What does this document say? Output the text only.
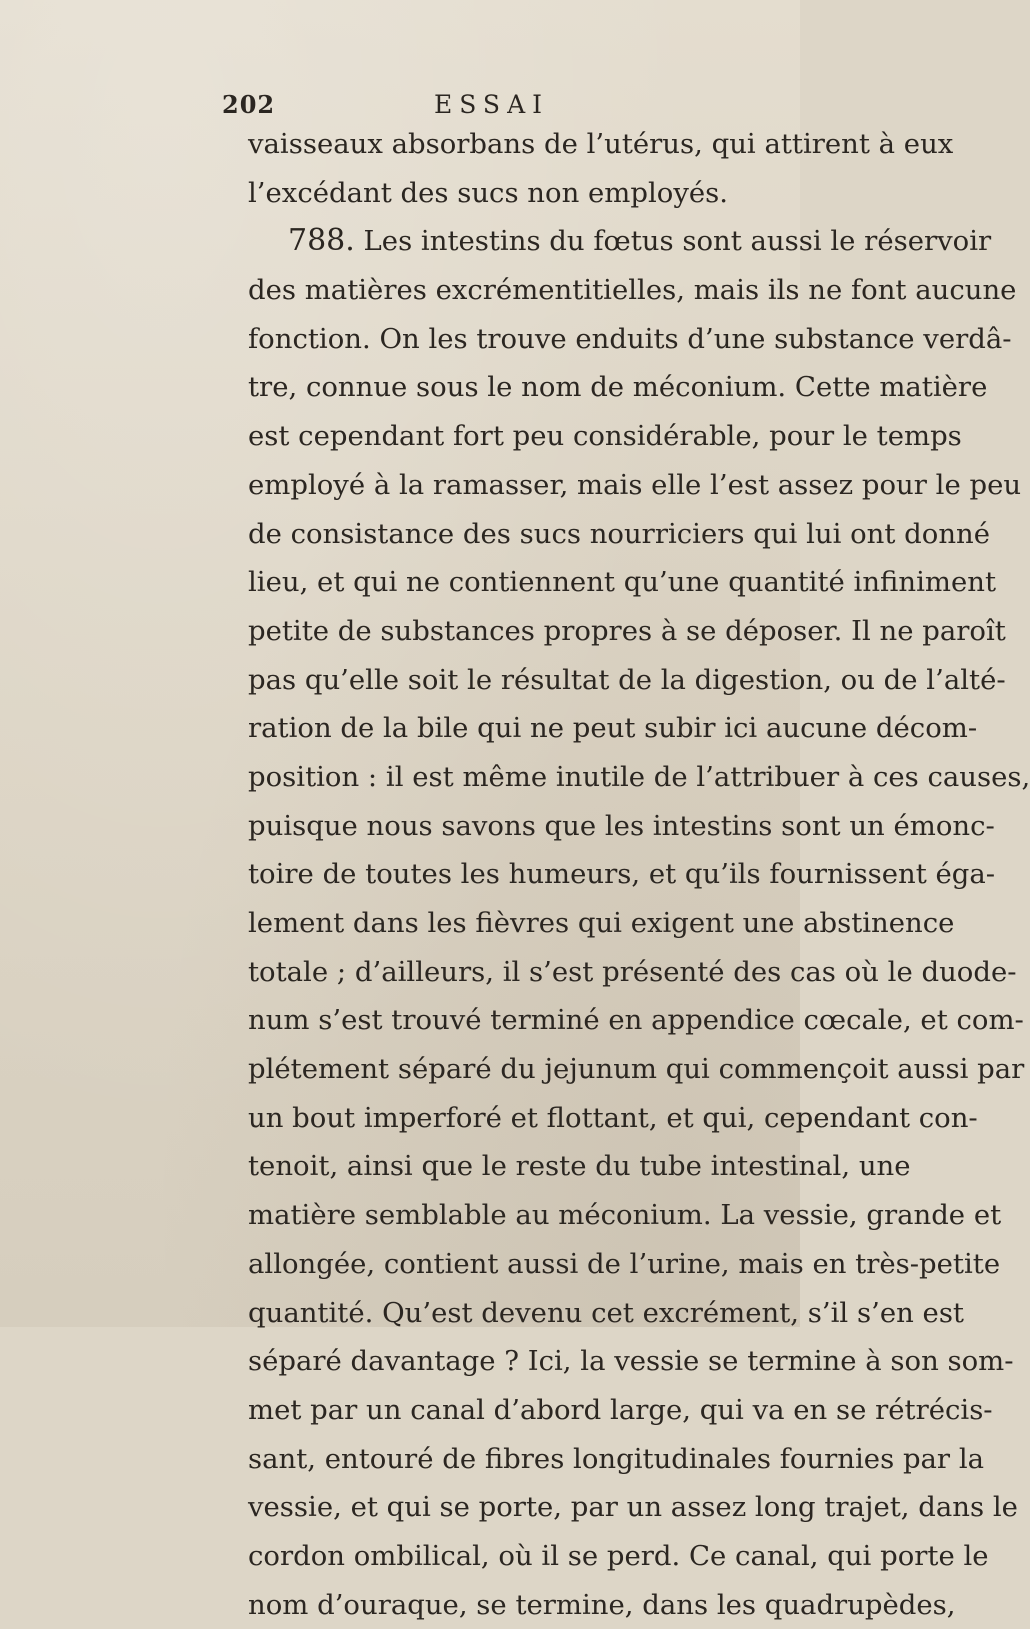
202	ESSAI
vaisseaux absorbans de l’utérus, qui attirent à eux
l’excédant des sucs non employés.
788. Les intestins du fœtus sont aussi le réservoir
des matières excrémentitielles, mais ils ne font aucune
fonction. On les trouve enduits d’une substance verdâ-
tre, connue sous le nom de méconium. Cette matière
est cependant fort peu considérable, pour le temps
employé à la ramasser, mais elle l’est assez pour le peu
de consistance des sucs nourriciers qui lui ont donné
lieu, et qui ne contiennent qu’une quantité infiniment
petite de substances propres à se déposer. Il ne paroît
pas qu’elle soit le résultat de la digestion, ou de l’alté-
ration de la bile qui ne peut subir ici aucune décom-
position : il est même inutile de l’attribuer à ces causes,
puisque nous savons que les intestins sont un émonc-
toire de toutes les humeurs, et qu’ils fournissent éga-
lement dans les fièvres qui exigent une abstinence
totale ; d’ailleurs, il s’est présenté des cas où le duode-
num s’est trouvé terminé en appendice cœcale, et com-
plétement séparé du jejunum qui commençoit aussi par
un bout imperforé et flottant, et qui, cependant con-
tenoit, ainsi que le reste du tube intestinal, une
matière semblable au méconium. La vessie, grande et
allongée, contient aussi de l’urine, mais en très-petite
quantité. Qu’est devenu cet excrément, s’il s’en est
séparé davantage ? Ici, la vessie se termine à son som-
met par un canal d’abord large, qui va en se rétrécis-
sant, entouré de fibres longitudinales fournies par la
vessie, et qui se porte, par un assez long trajet, dans le
cordon ombilical, où il se perd. Ce canal, qui porte le
nom d’ouraque, se termine, dans les quadrupèdes,
